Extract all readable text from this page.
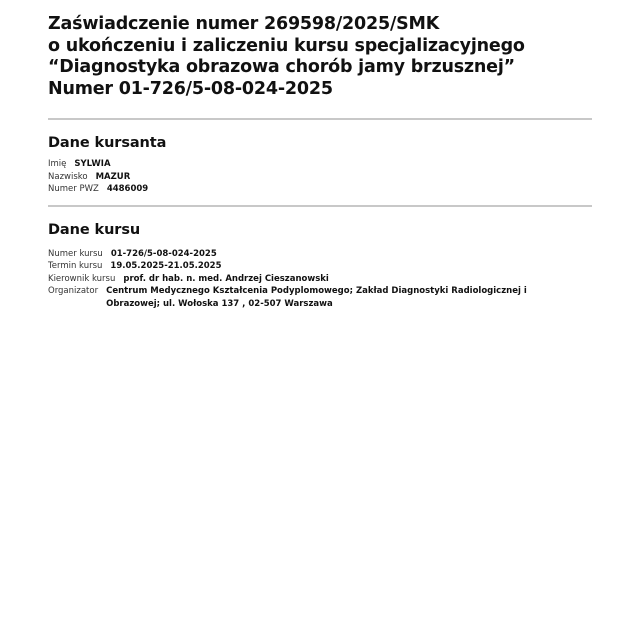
Zaświadczenie numer 269598/2025/SMK
o ukończeniu i zaliczeniu kursu specjalizacyjnego
“Diagnostyka obrazowa chorób jamy brzusznej”
Numer 01-726/5-08-024-2025
Dane kursanta
Imię SYLWIA
Nazwisko MAZUR
Numer PWZ 4486009
Dane kursu
Numer kursu 01-726/5-08-024-2025
Termin kursu 19.05.2025-21.05.2025
Kierownik kursu prof. dr hab. n. med. Andrzej Cieszanowski
Organizator Centrum Medycznego Kształcenia Podyplomowego; Zakład Diagnostyki Radiologicznej i Obrazowej; ul. Wołoska 137 , 02-507 Warszawa
